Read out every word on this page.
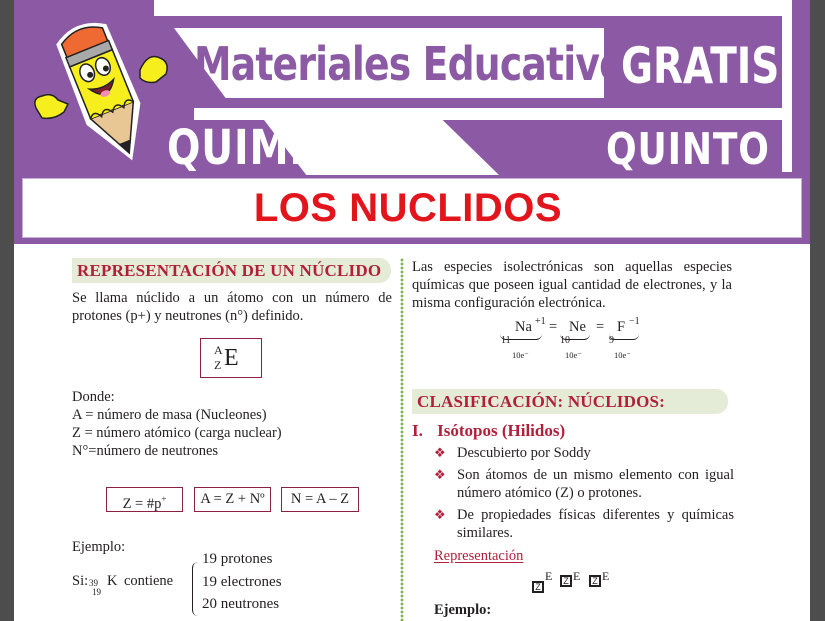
Materiales Educativos
GRATIS
QUIMICA	QUINTO
LOS NUCLIDOS
REPRESENTACIÓN DE UN NÚCLIDO

Se llama núclido a un átomo con un número de protones (p+) y neutrones (n°) definido.

A
Z E

Donde:

A = número de masa (Nucleones)

Z = número atómico (carga nuclear)

N°=número de neutrones

Z = #p+	A = Z + Nº	N = A – Z

Ejemplo:

Si: 39
19
K contiene
19 protones
19 electrones
20 neutrones

Las especies isolectrónicas son aquellas especies químicas que poseen igual cantidad de electrones, y la misma configuración electrónica.

Na +1
11
10e⁻
= Ne
10
10e⁻
= F −1
9
10e⁻
CLASIFICACIÓN: NÚCLIDOS:
I. Isótopos (Hilidos)
❖ Descubierto por Soddy
❖ Son átomos de un mismo elemento con igual número atómico (Z) o protones.
❖ De propiedades físicas diferentes y químicas similares.
Representación
Z
E	Z E	Z E

Ejemplo:
